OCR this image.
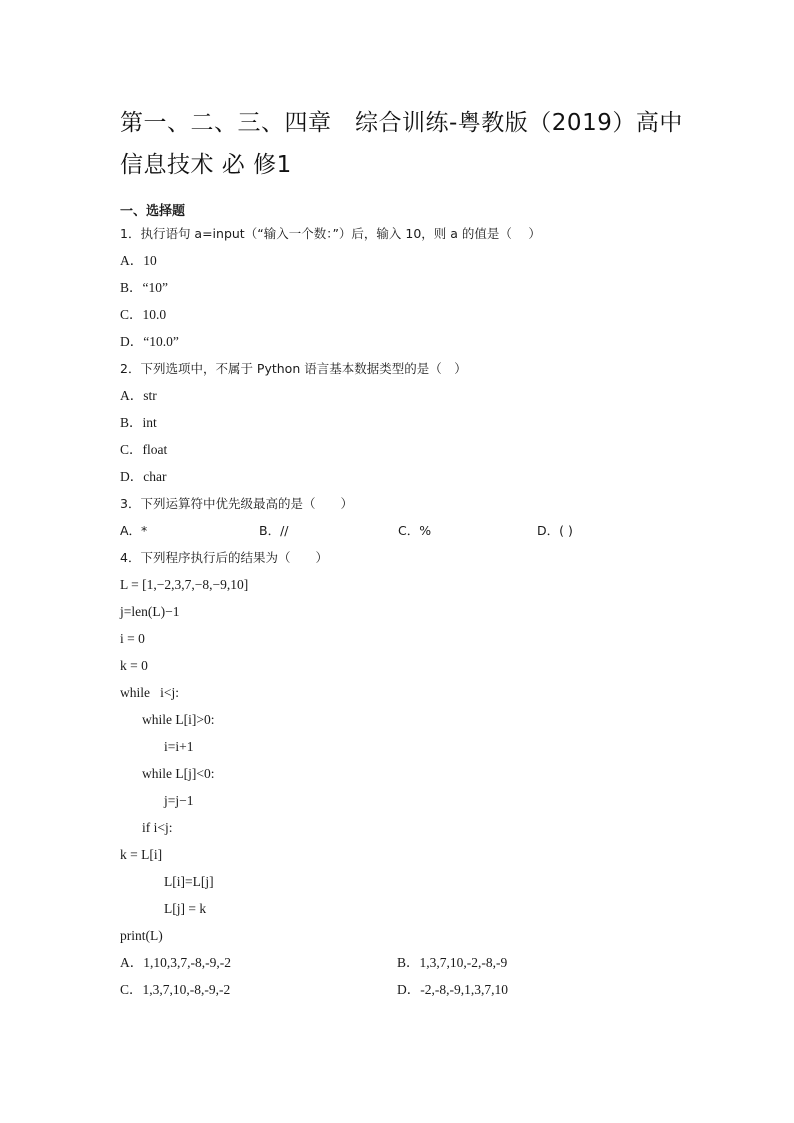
第一、二、三、四章　综合训练-粤教版（2019）高中
信息技术 必 修1
一、选择题
1．执行语句 a=input（“输入一个数：”）后，输入 10，则 a 的值是（　 ）
A．10
B．“10”
C．10.0
D．“10.0”
2．下列选项中，不属于 Python 语言基本数据类型的是（　）
A．str
B．int
C．float
D．char
3．下列运算符中优先级最高的是（　　）
A．*	B．//	C．%	D．( )
4．下列程序执行后的结果为（　　）
L = [1,−2,3,7,−8,−9,10]
j=len(L)−1
i = 0
k = 0
while   i<j:
while L[i]>0:
i=i+1
while L[j]<0:
j=j−1
if i<j:
k = L[i]
L[i]=L[j]
L[j] = k
print(L)
A．1,10,3,7,-8,-9,-2	B．1,3,7,10,-2,-8,-9
C．1,3,7,10,-8,-9,-2	D．-2,-8,-9,1,3,7,10
